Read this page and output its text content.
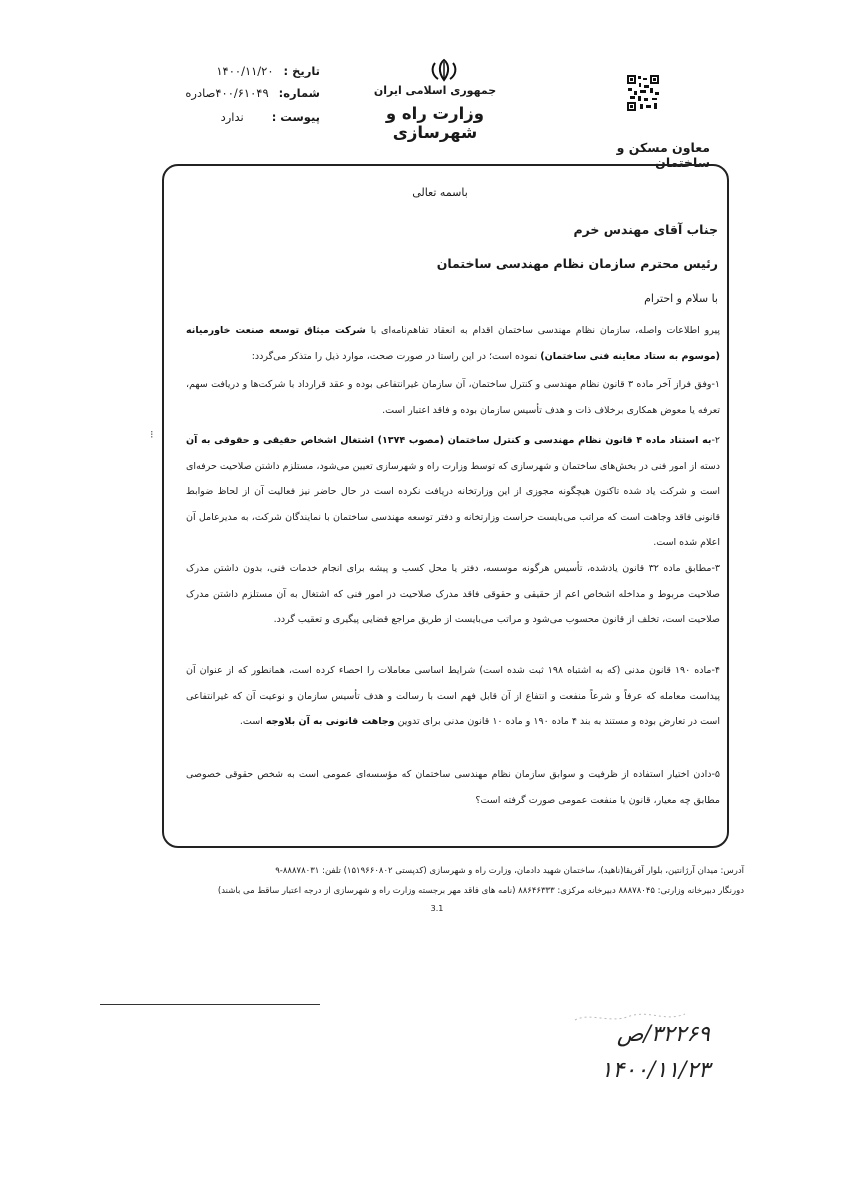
تاریخ :۱۴۰۰/۱۱/۲۰
شماره:۴۰۰/۶۱۰۴۹صادره
پیوست :ندارد
جمهوری اسلامی ایران
وزارت راه و شهرسازی
معاون مسکن و ساختمان
باسمه تعالی
جناب آقای مهندس خرم
رئیس محترم سازمان نظام مهندسی ساختمان
با سلام و احترام
پیرو اطلاعات واصله، سازمان نظام مهندسی ساختمان اقدام به انعقاد تفاهم‌نامه‌ای با شرکت میثاق توسعه صنعت خاورمیانه (موسوم به ستاد معاینه فنی ساختمان) نموده است؛ در این راستا در صورت صحت، موارد ذیل را متذکر می‌گردد:
۱-وفق فراز آخر ماده ۳ قانون نظام مهندسی و کنترل ساختمان، آن سازمان غیرانتفاعی بوده و عقد قرارداد با شرکت‌ها و دریافت سهم، تعرفه یا معوض همکاری برخلاف ذات و هدف تأسیس سازمان بوده و فاقد اعتبار است.
⁝	۲-به استناد ماده ۴ قانون نظام مهندسی و کنترل ساختمان (مصوب ۱۳۷۴) اشتغال اشخاص حقیقی و حقوقی به آن دسته از امور فنی در بخش‌های ساختمان و شهرسازی که توسط وزارت راه و شهرسازی تعیین می‌شود، مستلزم داشتن صلاحیت حرفه‌ای است و شرکت یاد شده تاکنون هیچگونه مجوزی از این وزارتخانه دریافت نکرده است در حال حاضر نیز فعالیت آن از لحاظ ضوابط قانونی فاقد وجاهت است که مراتب می‌بایست حراست وزارتخانه و دفتر توسعه مهندسی ساختمان با نمایندگان شرکت، به مدیرعامل آن اعلام شده است.
۳-مطابق ماده ۳۲ قانون یادشده، تأسیس هرگونه موسسه، دفتر یا محل کسب و پیشه برای انجام خدمات فنی، بدون داشتن مدرک صلاحیت مربوط و مداخله اشخاص اعم از حقیقی و حقوقی فاقد مدرک صلاحیت در امور فنی که اشتغال به آن مستلزم داشتن مدرک صلاحیت است، تخلف از قانون محسوب می‌شود و مراتب می‌بایست از طریق مراجع قضایی پیگیری و تعقیب گردد.
۴-ماده ۱۹۰ قانون مدنی (که به اشتباه ۱۹۸ ثبت شده است) شرایط اساسی معاملات را احصاء کرده است، همانطور که از عنوان آن پیداست معامله که عرفاً و شرعاً منفعت و انتفاع از آن قابل فهم است با رسالت و هدف تأسیس سازمان و نوعیت آن که غیرانتفاعی است در تعارض بوده و مستند به بند ۴ ماده ۱۹۰ و ماده ۱۰ قانون مدنی برای تدوین وجاهت قانونی به آن بلاوجه است.
۵-دادن اختیار استفاده از ظرفیت و سوابق سازمان نظام مهندسی ساختمان که مؤسسه‌ای عمومی است به شخص حقوقی خصوصی مطابق چه معیار، قانون یا منفعت عمومی صورت گرفته است؟
آدرس: میدان آرژانتین، بلوار آفریقا(ناهید)، ساختمان شهید دادمان، وزارت راه و شهرسازی (کدپستی ۱۵۱۹۶۶۰۸۰۲) تلفن: ۸۸۸۷۸۰۳۱-۹
دورنگار دبیرخانه وزارتی: ۸۸۸۷۸۰۴۵ دبیرخانه مرکزی: ۸۸۶۴۶۳۳۳ (نامه های فاقد مهر برجسته وزارت راه و شهرسازی از درجه اعتبار ساقط می باشند)
3.1
۳۲۲۶۹/ص
۱۴۰۰/۱۱/۲۳
